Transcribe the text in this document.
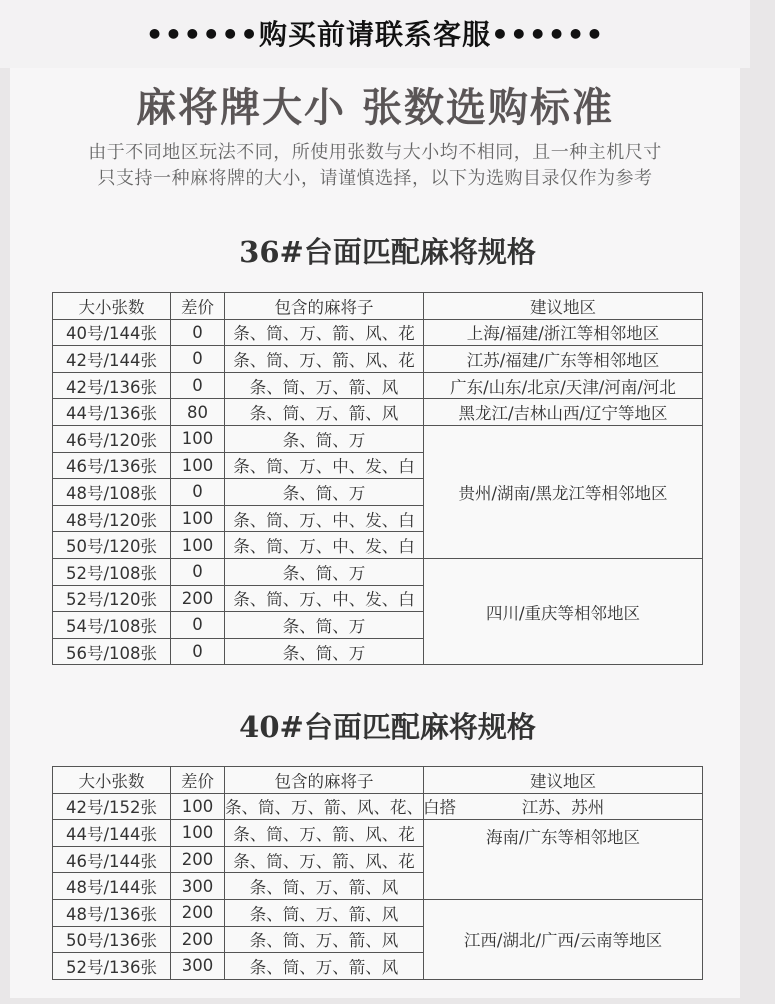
••••••购买前请联系客服••••••
麻将牌大小 张数选购标准
由于不同地区玩法不同，所使用张数与大小均不相同，且一种主机尺寸
只支持一种麻将牌的大小，请谨慎选择，以下为选购目录仅作为参考
36#台面匹配麻将规格
大小张数	差价	包含的麻将子	建议地区
40号/144张	0	条、筒、万、箭、风、花	上海/福建/浙江等相邻地区
42号/144张	0	条、筒、万、箭、风、花	江苏/福建/广东等相邻地区
42号/136张	0	条、筒、万、箭、风	广东/山东/北京/天津/河南/河北
44号/136张	80	条、筒、万、箭、风	黑龙江/吉林山西/辽宁等地区
46号/120张	100	条、筒、万	贵州/湖南/黑龙江等相邻地区
46号/136张	100	条、筒、万、中、发、白	
48号/108张	0	条、筒、万	
48号/120张	100	条、筒、万、中、发、白	
50号/120张	100	条、筒、万、中、发、白	
52号/108张	0	条、筒、万	四川/重庆等相邻地区
52号/120张	200	条、筒、万、中、发、白	
54号/108张	0	条、筒、万	
56号/108张	0	条、筒、万	
40#台面匹配麻将规格
大小张数	差价	包含的麻将子	建议地区
42号/152张	100	条、筒、万、箭、风、花、白搭	江苏、苏州
44号/144张	100	条、筒、万、箭、风、花	海南/广东等相邻地区
46号/144张	200	条、筒、万、箭、风、花	
48号/144张	300	条、筒、万、箭、风	
48号/136张	200	条、筒、万、箭、风	江西/湖北/广西/云南等地区
50号/136张	200	条、筒、万、箭、风	
52号/136张	300	条、筒、万、箭、风	
